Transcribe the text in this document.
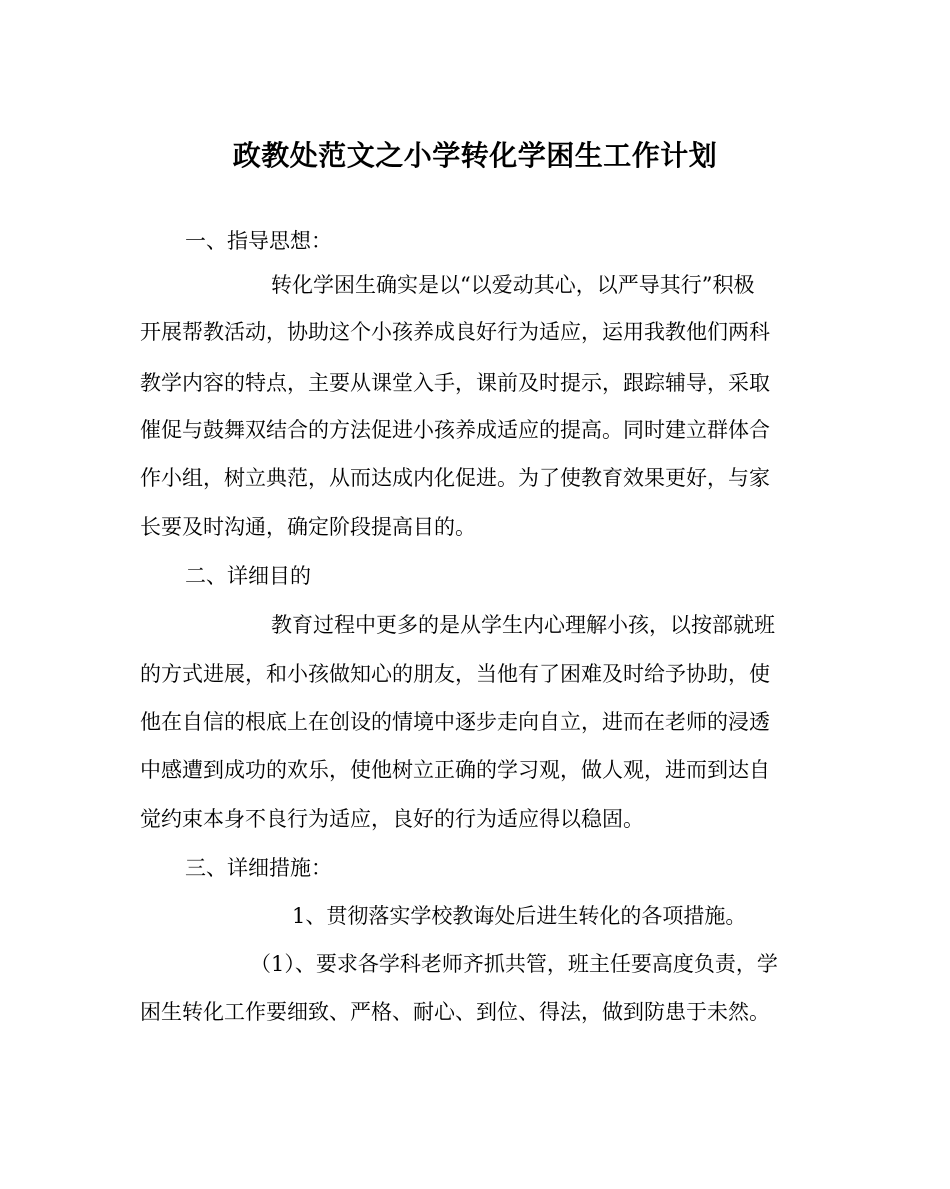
政教处范文之小学转化学困生工作计划
一、指导思想：
转化学困生确实是以“以爱动其心，以严导其行”积极
开展帮教活动，协助这个小孩养成良好行为适应，运用我教他们两科
教学内容的特点，主要从课堂入手，课前及时提示，跟踪辅导，采取
催促与鼓舞双结合的方法促进小孩养成适应的提高。同时建立群体合
作小组，树立典范，从而达成内化促进。为了使教育效果更好，与家
长要及时沟通，确定阶段提高目的。
二、详细目的
教育过程中更多的是从学生内心理解小孩，以按部就班
的方式进展，和小孩做知心的朋友，当他有了困难及时给予协助，使
他在自信的根底上在创设的情境中逐步走向自立，进而在老师的浸透
中感遭到成功的欢乐，使他树立正确的学习观，做人观，进而到达自
觉约束本身不良行为适应，良好的行为适应得以稳固。
三、详细措施：
1、贯彻落实学校教诲处后进生转化的各项措施。
（1）、要求各学科老师齐抓共管，班主任要高度负责，学
困生转化工作要细致、严格、耐心、到位、得法，做到防患于未然。
